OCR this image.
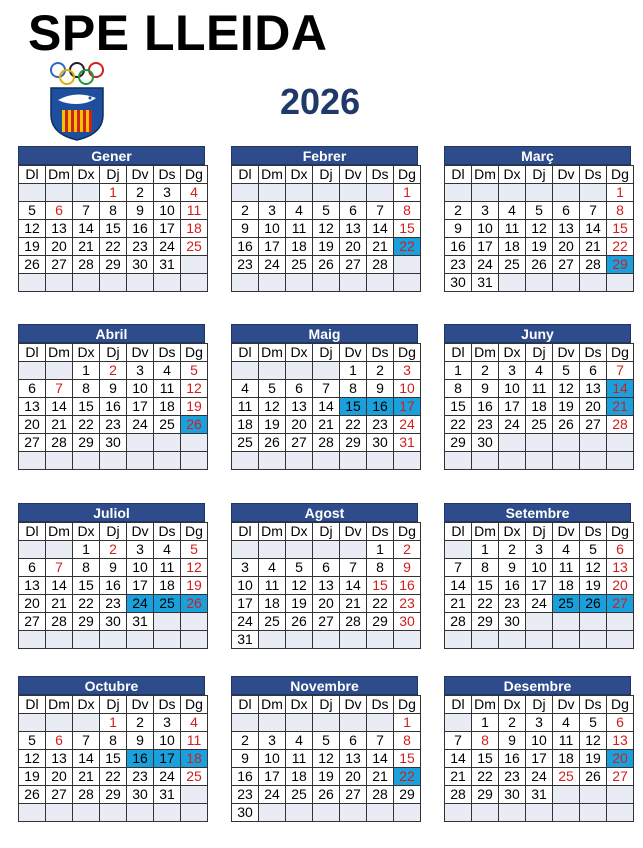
SPE LLEIDA
2026
Gener
Dl	Dm	Dx	Dj	Dv	Ds	Dg
			1	2	3	4
5	6	7	8	9	10	11
12	13	14	15	16	17	18
19	20	21	22	23	24	25
26	27	28	29	30	31	

Febrer
Dl	Dm	Dx	Dj	Dv	Ds	Dg
						1
2	3	4	5	6	7	8
9	10	11	12	13	14	15
16	17	18	19	20	21	22
23	24	25	26	27	28	

Març
Dl	Dm	Dx	Dj	Dv	Ds	Dg
						1
2	3	4	5	6	7	8
9	10	11	12	13	14	15
16	17	18	19	20	21	22
23	24	25	26	27	28	29
30	31					
Abril
Dl	Dm	Dx	Dj	Dv	Ds	Dg
		1	2	3	4	5
6	7	8	9	10	11	12
13	14	15	16	17	18	19
20	21	22	23	24	25	26
27	28	29	30			

Maig
Dl	Dm	Dx	Dj	Dv	Ds	Dg
				1	2	3
4	5	6	7	8	9	10
11	12	13	14	15	16	17
18	19	20	21	22	23	24
25	26	27	28	29	30	31

Juny
Dl	Dm	Dx	Dj	Dv	Ds	Dg
1	2	3	4	5	6	7
8	9	10	11	12	13	14
15	16	17	18	19	20	21
22	23	24	25	26	27	28
29	30					

Juliol
Dl	Dm	Dx	Dj	Dv	Ds	Dg
		1	2	3	4	5
6	7	8	9	10	11	12
13	14	15	16	17	18	19
20	21	22	23	24	25	26
27	28	29	30	31		

Agost
Dl	Dm	Dx	Dj	Dv	Ds	Dg
					1	2
3	4	5	6	7	8	9
10	11	12	13	14	15	16
17	18	19	20	21	22	23
24	25	26	27	28	29	30
31						
Setembre
Dl	Dm	Dx	Dj	Dv	Ds	Dg
	1	2	3	4	5	6
7	8	9	10	11	12	13
14	15	16	17	18	19	20
21	22	23	24	25	26	27
28	29	30				

Octubre
Dl	Dm	Dx	Dj	Dv	Ds	Dg
			1	2	3	4
5	6	7	8	9	10	11
12	13	14	15	16	17	18
19	20	21	22	23	24	25
26	27	28	29	30	31	

Novembre
Dl	Dm	Dx	Dj	Dv	Ds	Dg
						1
2	3	4	5	6	7	8
9	10	11	12	13	14	15
16	17	18	19	20	21	22
23	24	25	26	27	28	29
30						
Desembre
Dl	Dm	Dx	Dj	Dv	Ds	Dg
	1	2	3	4	5	6
7	8	9	10	11	12	13
14	15	16	17	18	19	20
21	22	23	24	25	26	27
28	29	30	31			
